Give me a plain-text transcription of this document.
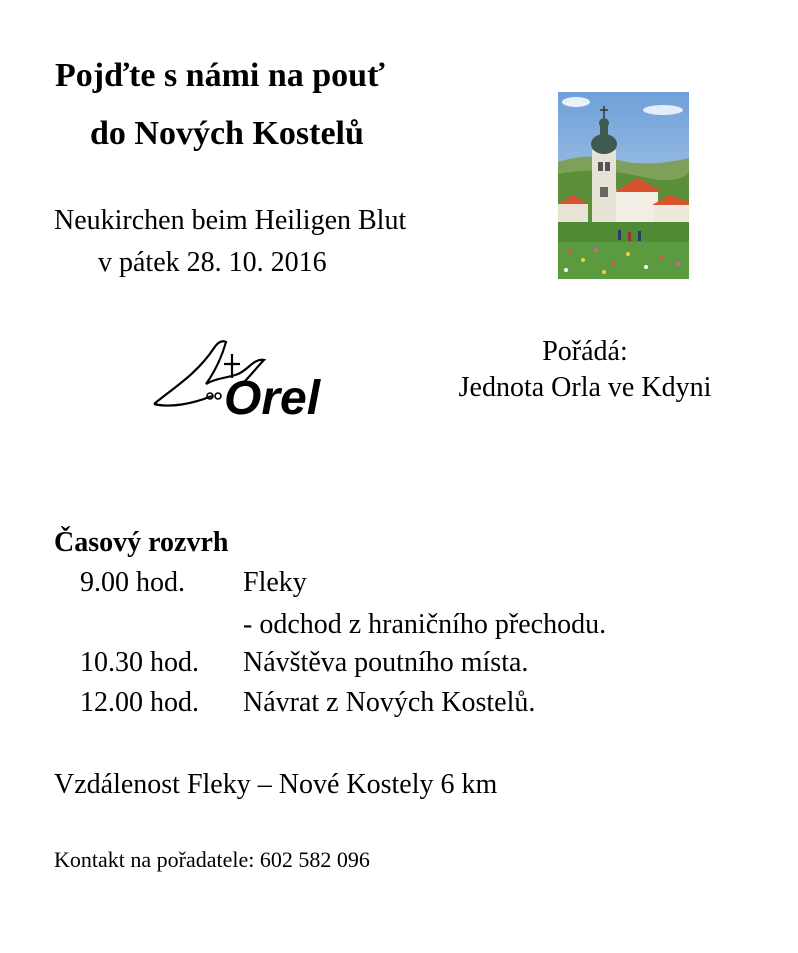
Pojďte s námi na pouť
do Nových Kostelů
Neukirchen beim Heiligen Blut
v pátek 28. 10. 2016
Orel
Pořádá:
Jednota Orla ve Kdyni
Časový rozvrh
9.00 hod. Fleky
- odchod z hraničního přechodu.
10.30 hod. Návštěva poutního místa.
12.00 hod. Návrat z Nových Kostelů.
Vzdálenost Fleky – Nové Kostely 6 km
Kontakt na pořadatele: 602 582 096
